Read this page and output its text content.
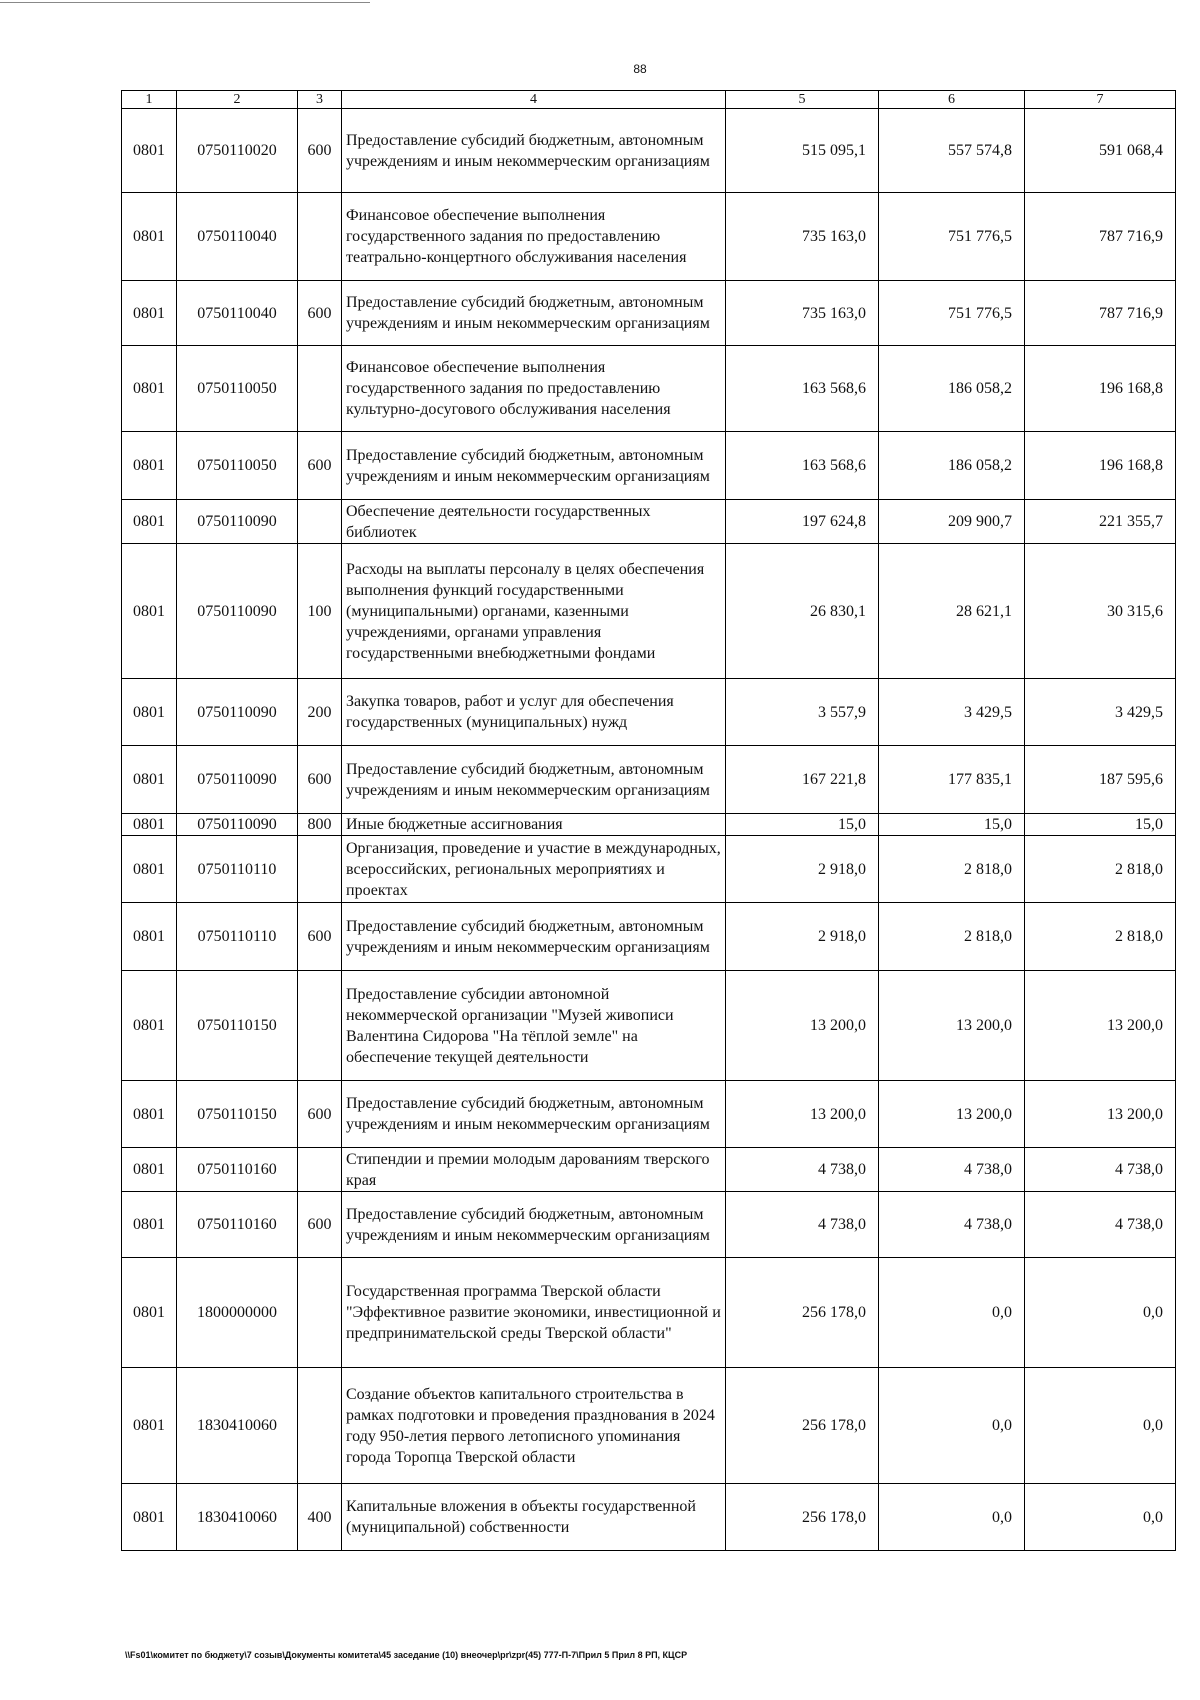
88
1	2	3	4	5	6	7
0801	0750110020	600	Предоставление субсидий бюджетным, автономным учреждениям и иным некоммерческим организациям	515 095,1	557 574,8	591 068,4
0801	0750110040		Финансовое обеспечение выполнения государственного задания по предоставлению театрально-концертного обслуживания населения	735 163,0	751 776,5	787 716,9
0801	0750110040	600	Предоставление субсидий бюджетным, автономным учреждениям и иным некоммерческим организациям	735 163,0	751 776,5	787 716,9
0801	0750110050		Финансовое обеспечение выполнения государственного задания по предоставлению культурно-досугового обслуживания населения	163 568,6	186 058,2	196 168,8
0801	0750110050	600	Предоставление субсидий бюджетным, автономным учреждениям и иным некоммерческим организациям	163 568,6	186 058,2	196 168,8
0801	0750110090		Обеспечение деятельности государственных библиотек	197 624,8	209 900,7	221 355,7
0801	0750110090	100	Расходы на выплаты персоналу в целях обеспечения выполнения функций государственными (муниципальными) органами, казенными учреждениями, органами управления государственными внебюджетными фондами	26 830,1	28 621,1	30 315,6
0801	0750110090	200	Закупка товаров, работ и услуг для обеспечения государственных (муниципальных) нужд	3 557,9	3 429,5	3 429,5
0801	0750110090	600	Предоставление субсидий бюджетным, автономным учреждениям и иным некоммерческим организациям	167 221,8	177 835,1	187 595,6
0801	0750110090	800	Иные бюджетные ассигнования	15,0	15,0	15,0
0801	0750110110		Организация, проведение и участие в международных, всероссийских, региональных мероприятиях и проектах	2 918,0	2 818,0	2 818,0
0801	0750110110	600	Предоставление субсидий бюджетным, автономным учреждениям и иным некоммерческим организациям	2 918,0	2 818,0	2 818,0
0801	0750110150		Предоставление субсидии автономной некоммерческой организации "Музей живописи Валентина Сидорова "На тёплой земле" на обеспечение текущей деятельности	13 200,0	13 200,0	13 200,0
0801	0750110150	600	Предоставление субсидий бюджетным, автономным учреждениям и иным некоммерческим организациям	13 200,0	13 200,0	13 200,0
0801	0750110160		Стипендии и премии молодым дарованиям тверского края	4 738,0	4 738,0	4 738,0
0801	0750110160	600	Предоставление субсидий бюджетным, автономным учреждениям и иным некоммерческим организациям	4 738,0	4 738,0	4 738,0
0801	1800000000		Государственная программа Тверской области "Эффективное развитие экономики, инвестиционной и предпринимательской среды Тверской области"	256 178,0	0,0	0,0
0801	1830410060		Создание объектов капитального строительства в рамках подготовки и проведения празднования в 2024 году 950-летия первого летописного упоминания города Торопца Тверской области	256 178,0	0,0	0,0
0801	1830410060	400	Капитальные вложения в объекты государственной (муниципальной) собственности	256 178,0	0,0	0,0
\\Fs01\комитет по бюджету\7 созыв\Документы комитета\45 заседание (10) внеочер\pr\zpr(45) 777-П-7\Прил 5 Прил 8 РП, КЦСР
